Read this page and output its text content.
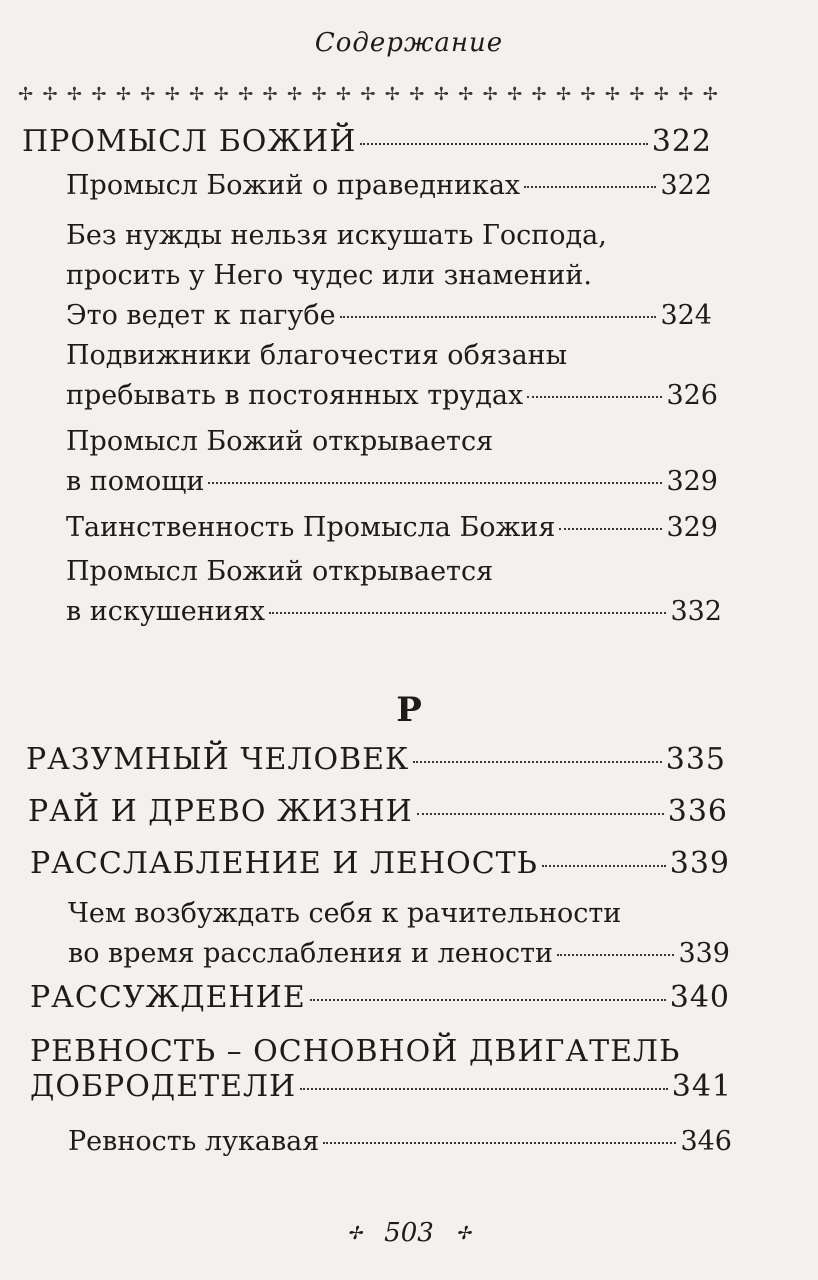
Содержание
✢ ✢ ✢ ✢ ✢ ✢ ✢ ✢ ✢ ✢ ✢ ✢ ✢ ✢ ✢ ✢ ✢ ✢ ✢ ✢ ✢ ✢ ✢ ✢ ✢ ✢ ✢ ✢ ✢
ПРОМЫСЛ БОЖИЙ	322
Промысл Божий о праведниках	322
Без нужды нельзя искушать Господа,
просить у Него чудес или знамений.
Это ведет к пагубе	324
Подвижники благочестия обязаны
пребывать в постоянных трудах	326
Промысл Божий открывается
в помощи	329
Таинственность Промысла Божия	329
Промысл Божий открывается
в искушениях	332
Р
РАЗУМНЫЙ ЧЕЛОВЕК	335
РАЙ И ДРЕВО ЖИЗНИ	336
РАССЛАБЛЕНИЕ И ЛЕНОСТЬ	339
Чем возбуждать себя к рачительности
во время расслабления и лености	339
РАССУЖДЕНИЕ	340
РЕВНОСТЬ – ОСНОВНОЙ ДВИГАТЕЛЬ
ДОБРОДЕТЕЛИ	341
Ревность лукавая	346
✢ 503 ✢
